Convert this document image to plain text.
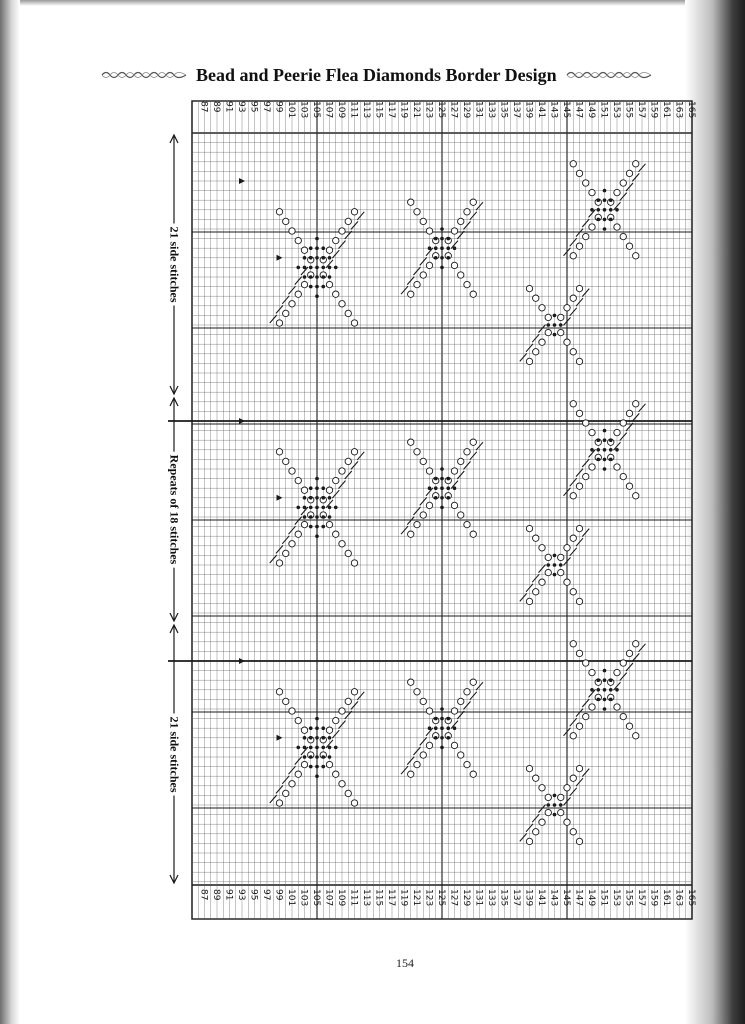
Bead and Peerie Flea Diamonds Border Design
87
87
89
89
91
91
93
93
95
95
97
97
99
99
101
101
103
103
105
105
107
107
109
109
111
111
113
113
115
115
117
117
119
119
121
121
123
123
125
125
127
127
129
129
131
131
133
133
135
135
137
137
139
139
141
141
143
143
145
145
147
147
149
149
151
151
153
153
155
155
157
157
159
159
161
161
163
163
165
165
21 side stitches
Repeats of 18 stitches
21 side stitches
154
